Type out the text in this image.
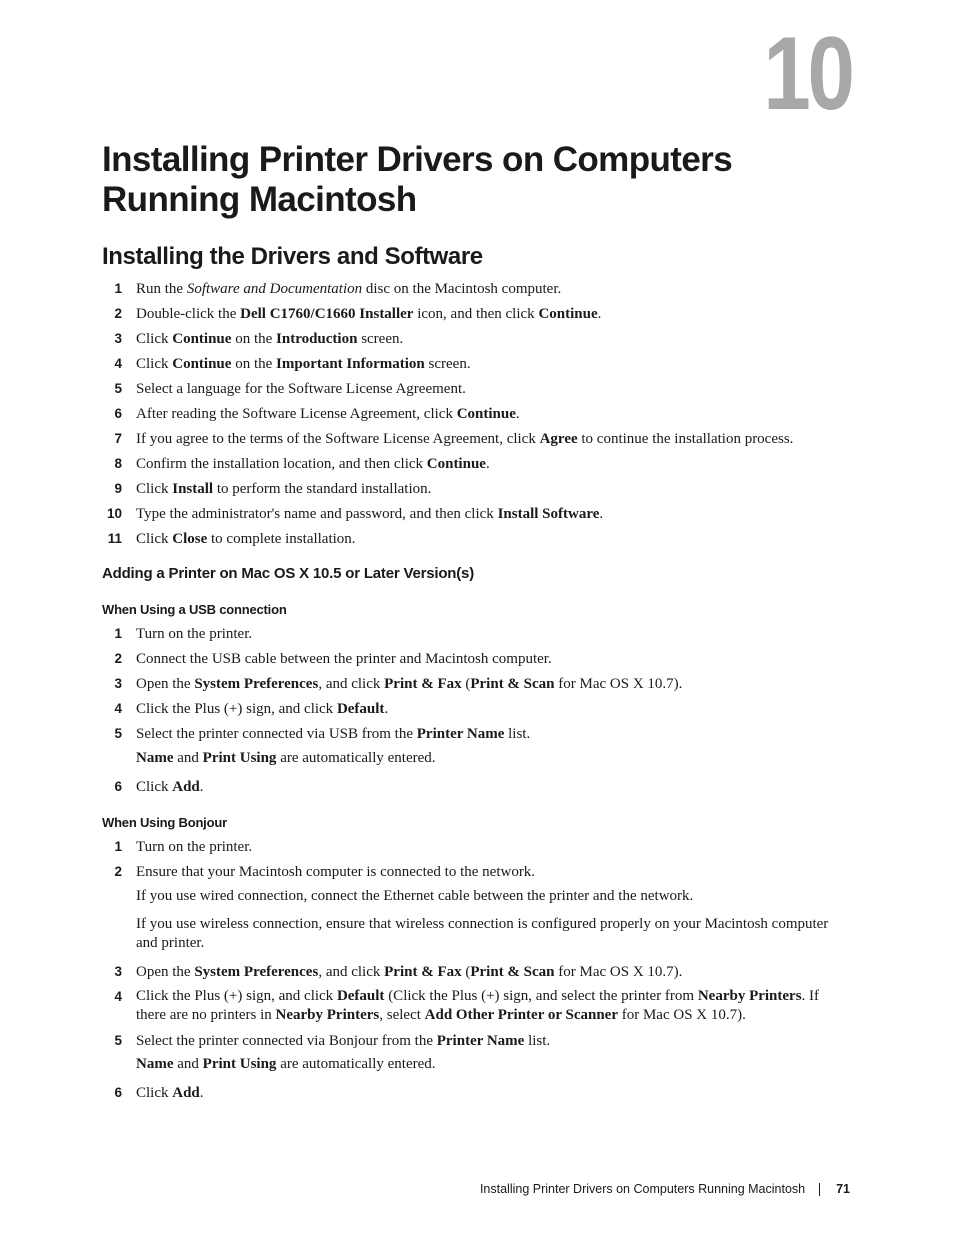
10
Installing Printer Drivers on Computers Running Macintosh
Installing the Drivers and Software
1 Run the Software and Documentation disc on the Macintosh computer.
2 Double-click the Dell C1760/C1660 Installer icon, and then click Continue.
3 Click Continue on the Introduction screen.
4 Click Continue on the Important Information screen.
5 Select a language for the Software License Agreement.
6 After reading the Software License Agreement, click Continue.
7 If you agree to the terms of the Software License Agreement, click Agree to continue the installation process.
8 Confirm the installation location, and then click Continue.
9 Click Install to perform the standard installation.
10 Type the administrator's name and password, and then click Install Software.
11 Click Close to complete installation.
Adding a Printer on Mac OS X 10.5 or Later Version(s)
When Using a USB connection
1 Turn on the printer.
2 Connect the USB cable between the printer and Macintosh computer.
3 Open the System Preferences, and click Print & Fax (Print & Scan for Mac OS X 10.7).
4 Click the Plus (+) sign, and click Default.
5 Select the printer connected via USB from the Printer Name list.
Name and Print Using are automatically entered.
6 Click Add.
When Using Bonjour
1 Turn on the printer.
2 Ensure that your Macintosh computer is connected to the network.
If you use wired connection, connect the Ethernet cable between the printer and the network.
If you use wireless connection, ensure that wireless connection is configured properly on your Macintosh computer and printer.
3 Open the System Preferences, and click Print & Fax (Print & Scan for Mac OS X 10.7).
4 Click the Plus (+) sign, and click Default (Click the Plus (+) sign, and select the printer from Nearby Printers. If there are no printers in Nearby Printers, select Add Other Printer or Scanner for Mac OS X 10.7).
5 Select the printer connected via Bonjour from the Printer Name list.
Name and Print Using are automatically entered.
6 Click Add.
Installing Printer Drivers on Computers Running Macintosh 71
